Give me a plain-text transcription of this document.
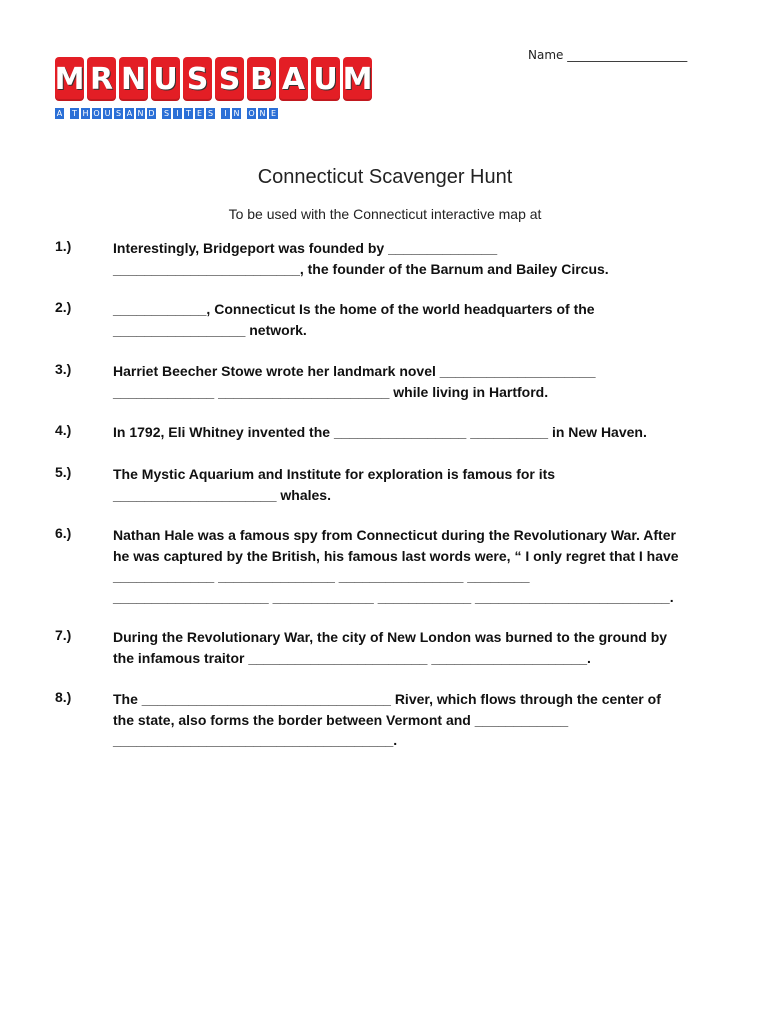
M R N U S S B A U M
A T H O U S A N D S I T E S	I N O N E
Name ____________________
Connecticut Scavenger Hunt
To be used with the Connecticut interactive map at
1.)	Interestingly, Bridgeport was founded by ______________
________________________, the founder of the Barnum and Bailey Circus.
2.)	____________, Connecticut Is the home of the world headquarters of the
_________________ network.
3.)	Harriet Beecher Stowe wrote her landmark novel ____________________
_____________ ______________________ while living in Hartford.
4.)	In 1792, Eli Whitney invented the _________________ __________ in New Haven.
5.)	The Mystic Aquarium and Institute for exploration is famous for its
_____________________ whales.
6.)	Nathan Hale was a famous spy from Connecticut during the Revolutionary War. After
he was captured by the British, his famous last words were, “ I only regret that I have
_____________ _______________ ________________ ________
____________________ _____________ ____________ _________________________.
7.)	During the Revolutionary War, the city of New London was burned to the ground by
the infamous traitor _______________________ ____________________.
8.)	The ________________________________ River, which flows through the center of
the state, also forms the border between Vermont and ____________
____________________________________.
